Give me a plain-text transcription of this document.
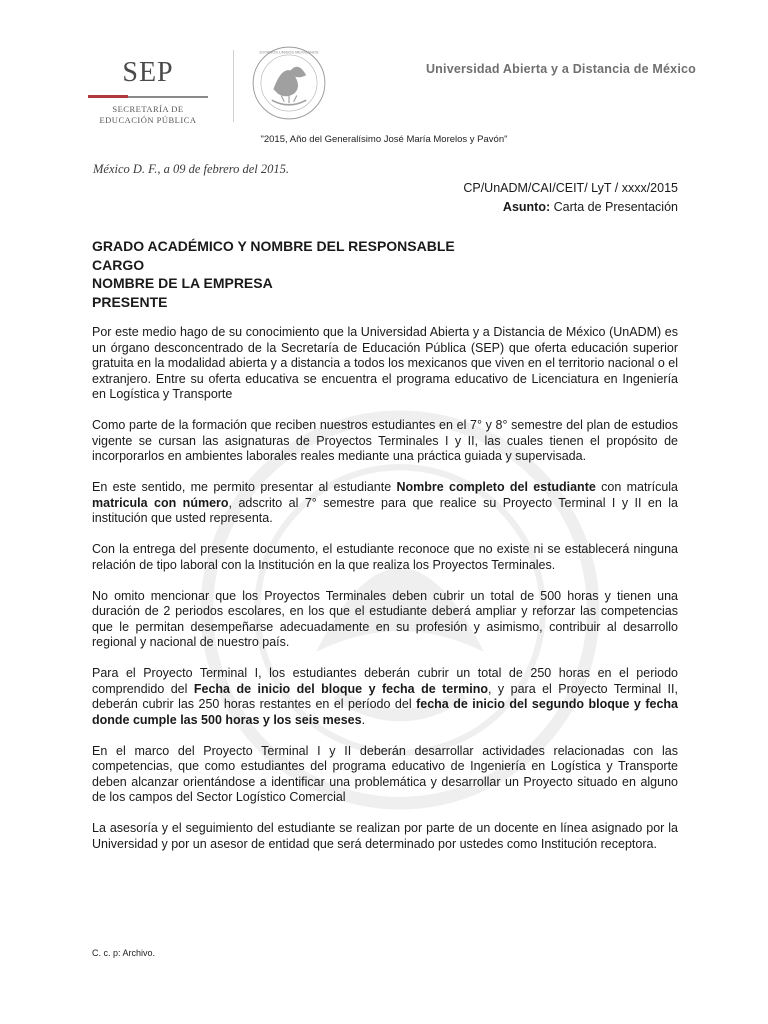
SEP
SECRETARÍA DE
EDUCACIÓN PÚBLICA
ESTADOS UNIDOS MEXICANOS
Universidad Abierta y a Distancia de México
"2015, Año del Generalísimo José María Morelos y Pavón"
México D. F., a 09 de febrero del 2015.
CP/UnADM/CAI/CEIT/ LyT / xxxx/2015
Asunto: Carta de Presentación
GRADO ACADÉMICO Y NOMBRE DEL RESPONSABLE
CARGO
NOMBRE DE LA EMPRESA
PRESENTE

Por este medio hago de su conocimiento que la Universidad Abierta y a Distancia de México (UnADM) es un órgano desconcentrado de la Secretaría de Educación Pública (SEP) que oferta educación superior gratuita en la modalidad abierta y a distancia a todos los mexicanos que viven en el territorio nacional o el extranjero. Entre su oferta educativa se encuentra el programa educativo de Licenciatura en Ingeniería en Logística y Transporte

Como parte de la formación que reciben nuestros estudiantes en el 7° y 8° semestre del plan de estudios vigente se cursan las asignaturas de Proyectos Terminales I y II, las cuales tienen el propósito de incorporarlos en ambientes laborales reales mediante una práctica guiada y supervisada.

En este sentido, me permito presentar al estudiante Nombre completo del estudiante con matrícula matricula con número, adscrito al 7° semestre para que realice su Proyecto Terminal I y II en la institución que usted representa.

Con la entrega del presente documento, el estudiante reconoce que no existe ni se establecerá ninguna relación de tipo laboral con la Institución en la que realiza los Proyectos Terminales.

No omito mencionar que los Proyectos Terminales deben cubrir un total de 500 horas y tienen una duración de 2 periodos escolares, en los que el estudiante deberá ampliar y reforzar las competencias que le permitan desempeñarse adecuadamente en su profesión y asimismo, contribuir al desarrollo regional y nacional de nuestro país.

Para el Proyecto Terminal I, los estudiantes deberán cubrir un total de 250 horas en el periodo comprendido del Fecha de inicio del bloque y fecha de termino, y para el Proyecto Terminal II, deberán cubrir las 250 horas restantes en el período del fecha de inicio del segundo bloque y fecha donde cumple las 500 horas y los seis meses.

En el marco del Proyecto Terminal I y II deberán desarrollar actividades relacionadas con las competencias, que como estudiantes del programa educativo de Ingeniería en Logística y Transporte deben alcanzar orientándose a identificar una problemática y desarrollar un Proyecto situado en alguno de los campos del Sector Logístico Comercial

La asesoría y el seguimiento del estudiante se realizan por parte de un docente en línea asignado por la Universidad y por un asesor de entidad que será determinado por ustedes como Institución receptora.

C. c. p: Archivo.
